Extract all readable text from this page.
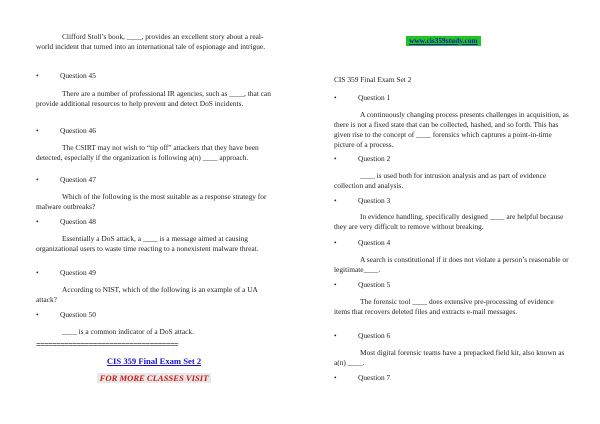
Clifford Stoll’s book, ____, provides an excellent story about a real-world incident that turned into an international tale of espionage and intrigue.

•	Question 45

There are a number of professional IR agencies, such as ____, that can provide additional resources to help prevent and detect DoS incidents.

•	Question 46

The CSIRT may not wish to “tip off” attackers that they have been detected, especially if the organization is following a(n) ____ approach.

•	Question 47

Which of the following is the most suitable as a response strategy for malware outbreaks?

•	Question 48

Essentially a DoS attack, a ____ is a message aimed at causing organizational users to waste time reacting to a nonexistent malware threat.

•	Question 49

According to NIST, which of the following is an example of a UA attack?

•	Question 50

____ is a common indicator of a DoS attack.

===================================
CIS 359 Final Exam Set 2
FOR MORE CLASSES VISIT
www.cis359study.com

CIS 359 Final Exam Set 2

•	Question 1

A continuously changing process presents challenges in acquisition, as there is not a fixed state that can be collected, hashed, and so forth. This has given rise to the concept of ____ forensics which captures a point-in-time picture of a process.

•	Question 2

____ is used both for intrusion analysis and as part of evidence collection and analysis.

•	Question 3

In evidence handling, specifically designed ____ are helpful because they are very difficult to remove without breaking.

•	Question 4

A search is constitutional if it does not violate a person’s reasonable or legitimate____.

•	Question 5

The forensic tool ____ does extensive pre-processing of evidence items that recovers deleted files and extracts e-mail messages.

•	Question 6

Most digital forensic teams have a prepacked field kit, also known as a(n) ____.

•	Question 7
